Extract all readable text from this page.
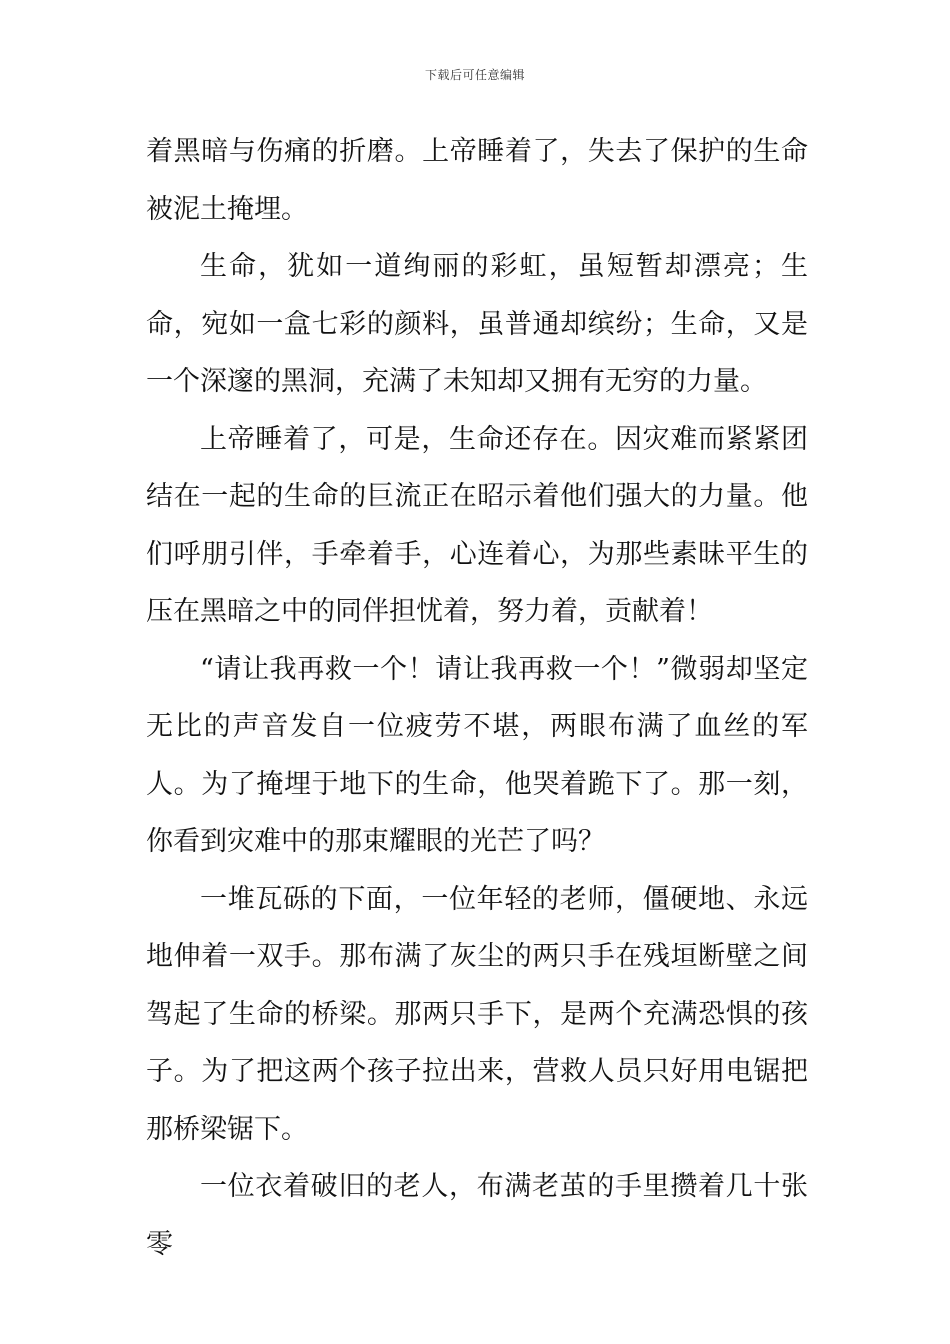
下载后可任意编辑

着黑暗与伤痛的折磨。上帝睡着了，失去了保护的生命被泥土掩埋。

生命，犹如一道绚丽的彩虹，虽短暂却漂亮；生命，宛如一盒七彩的颜料，虽普通却缤纷；生命，又是一个深邃的黑洞，充满了未知却又拥有无穷的力量。

上帝睡着了，可是，生命还存在。因灾难而紧紧团结在一起的生命的巨流正在昭示着他们强大的力量。他们呼朋引伴，手牵着手，心连着心，为那些素昧平生的压在黑暗之中的同伴担忧着，努力着，贡献着！

“请让我再救一个！请让我再救一个！”微弱却坚定无比的声音发自一位疲劳不堪，两眼布满了血丝的军人。为了掩埋于地下的生命，他哭着跪下了。那一刻，你看到灾难中的那束耀眼的光芒了吗？

一堆瓦砾的下面，一位年轻的老师，僵硬地、永远地伸着一双手。那布满了灰尘的两只手在残垣断壁之间驾起了生命的桥梁。那两只手下，是两个充满恐惧的孩子。为了把这两个孩子拉出来，营救人员只好用电锯把那桥梁锯下。

一位衣着破旧的老人，布满老茧的手里攒着几十张零
